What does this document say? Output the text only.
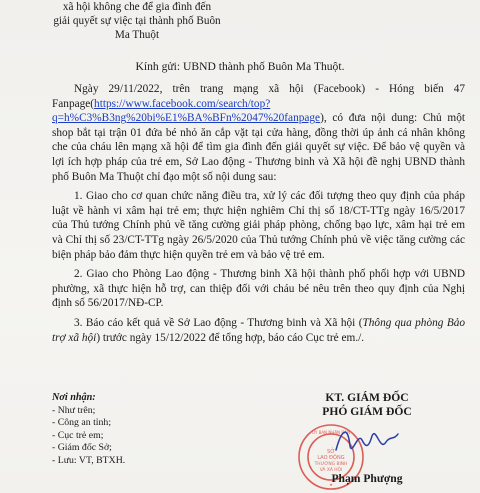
xã hội không che để gia đình đến
giải quyết sự việc tại thành phố Buôn
Ma Thuột
Kính gửi: UBND thành phố Buôn Ma Thuột.

Ngày 29/11/2022, trên trang mạng xã hội (Facebook) - Hóng biến 47 Fanpage(https://www.facebook.com/search/top?q=h%C3%B3ng%20bi%E1%BA%BFn%2047%20fanpage), có đưa nội dung: Chủ một shop bắt tại trận 01 đứa bé nhỏ ăn cắp vặt tại cửa hàng, đồng thời úp ảnh cá nhân không che của cháu lên mạng xã hội để tìm gia đình đến giải quyết sự việc. Để bảo vệ quyền và lợi ích hợp pháp của trẻ em, Sở Lao động - Thương binh và Xã hội đề nghị UBND thành phố Buôn Ma Thuột chỉ đạo một số nội dung sau:

1. Giao cho cơ quan chức năng điều tra, xử lý các đối tượng theo quy định của pháp luật về hành vi xâm hại trẻ em; thực hiện nghiêm Chỉ thị số 18/CT-TTg ngày 16/5/2017 của Thủ tướng Chính phủ về tăng cường giải pháp phòng, chống bạo lực, xâm hại trẻ em và Chỉ thị số 23/CT-TTg ngày 26/5/2020 của Thủ tướng Chính phủ về việc tăng cường các biện pháp bảo đảm thực hiện quyền trẻ em và bảo vệ trẻ em.

2. Giao cho Phòng Lao động - Thương binh Xã hội thành phố phối hợp với UBND phường, xã thực hiện hỗ trợ, can thiệp đối với cháu bé nêu trên theo quy định của Nghị định số 56/2017/NĐ-CP.

3. Báo cáo kết quả về Sở Lao động - Thương binh và Xã hội (Thông qua phòng Bảo trợ xã hội) trước ngày 15/12/2022 để tổng hợp, báo cáo Cục trẻ em./.

Nơi nhận:
- Như trên;
- Công an tỉnh;
- Cục trẻ em;
- Giám đốc Sở;
- Lưu: VT, BTXH.
KT. GIÁM ĐỐC
PHÓ GIÁM ĐỐC
SỞ
LAO ĐỘNG
THƯƠNG BINH
VÀ XÃ HỘI
ỦY BAN NHÂN DÂN
★
Phạm Phượng
